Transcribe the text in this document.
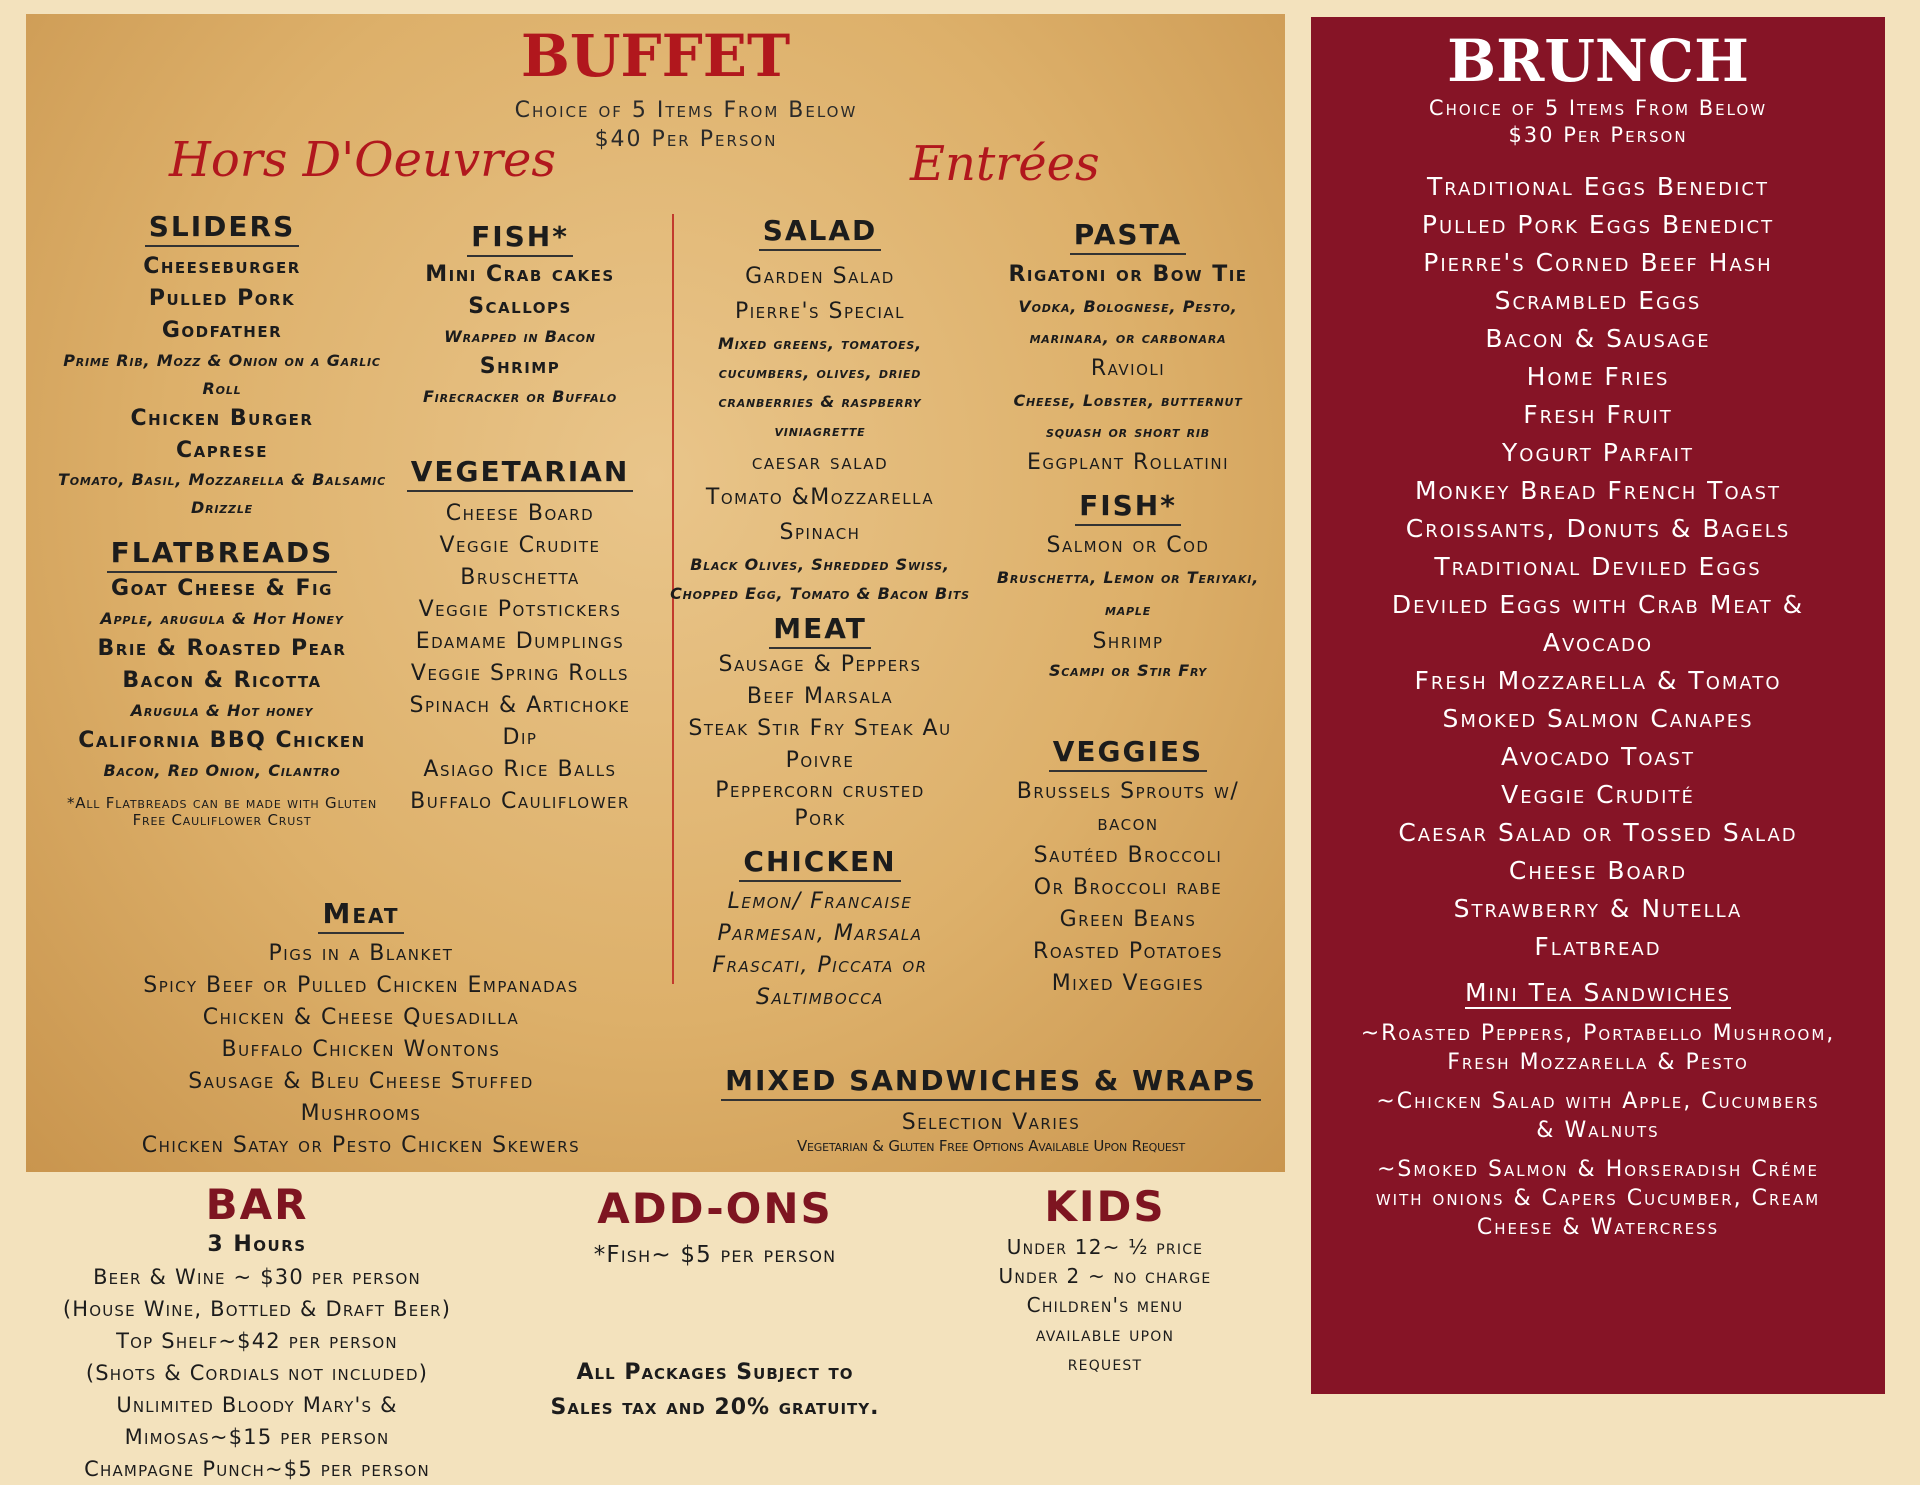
BUFFET
Choice of 5 Items From Below
$40 Per Person
Hors D'Oeuvres	Entrées
SLIDERS
Cheeseburger
Pulled Pork
Godfather
Prime Rib, Mozz & Onion on a Garlic Roll
Chicken Burger
Caprese
Tomato, Basil, Mozzarella & Balsamic Drizzle
FLATBREADS
Goat Cheese & Fig
Apple, arugula & Hot Honey
Brie & Roasted Pear
Bacon & Ricotta
Arugula & Hot honey
California BBQ Chicken
Bacon, Red Onion, Cilantro
*All Flatbreads can be made with Gluten Free Cauliflower Crust
FISH*
Mini Crab cakes
Scallops
Wrapped in Bacon
Shrimp
Firecracker or Buffalo
VEGETARIAN
Cheese Board
Veggie Crudite
Bruschetta
Veggie Potstickers
Edamame Dumplings
Veggie Spring Rolls
Spinach & Artichoke Dip
Asiago Rice Balls
Buffalo Cauliflower
Meat
Pigs in a Blanket
Spicy Beef or Pulled Chicken Empanadas
Chicken & Cheese Quesadilla
Buffalo Chicken Wontons
Sausage & Bleu Cheese Stuffed Mushrooms
Chicken Satay or Pesto Chicken Skewers
SALAD
Garden Salad
Pierre's Special
Mixed greens, tomatoes, cucumbers, olives, dried cranberries & raspberry viniagrette
caesar salad
Tomato &Mozzarella
Spinach
Black Olives, Shredded Swiss, Chopped Egg, Tomato & Bacon Bits
MEAT
Sausage & Peppers
Beef Marsala
Steak Stir Fry Steak Au Poivre
Peppercorn crusted Pork
CHICKEN
Lemon/ Francaise Parmesan, Marsala Frascati, Piccata or Saltimbocca
PASTA
Rigatoni or Bow Tie
Vodka, Bolognese, Pesto, marinara, or carbonara
Ravioli
Cheese, Lobster, butternut squash or short rib
Eggplant Rollatini
FISH*
Salmon or Cod
Bruschetta, Lemon or Teriyaki, maple
Shrimp
Scampi or Stir Fry
VEGGIES
Brussels Sprouts w/ bacon
Sautéed Broccoli Or Broccoli rabe
Green Beans
Roasted Potatoes
Mixed Veggies
MIXED SANDWICHES & WRAPS
Selection Varies
Vegetarian & Gluten Free Options Available Upon Request
BRUNCH
Choice of 5 Items From Below
$30 Per Person
Traditional Eggs Benedict
Pulled Pork Eggs Benedict
Pierre's Corned Beef Hash
Scrambled Eggs
Bacon & Sausage
Home Fries
Fresh Fruit
Yogurt Parfait
Monkey Bread French Toast
Croissants, Donuts & Bagels
Traditional Deviled Eggs
Deviled Eggs with Crab Meat & Avocado
Fresh Mozzarella & Tomato
Smoked Salmon Canapes
Avocado Toast
Veggie Crudité
Caesar Salad or Tossed Salad
Cheese Board
Strawberry & Nutella Flatbread
Mini Tea Sandwiches
~Roasted Peppers, Portabello Mushroom, Fresh Mozzarella & Pesto
~Chicken Salad with Apple, Cucumbers & Walnuts
~Smoked Salmon & Horseradish Créme with onions & Capers Cucumber, Cream Cheese & Watercress
BAR
3 Hours
Beer & Wine ~ $30 per person
(House Wine, Bottled & Draft Beer)
Top Shelf~$42 per person
(Shots & Cordials not included)
Unlimited Bloody Mary's &
Mimosas~$15 per person
Champagne Punch~$5 per person
ADD-ONS
*Fish~ $5 per person
All Packages Subject to
Sales tax and 20% gratuity.
KIDS
Under 12~ ½ price
Under 2 ~ no charge
Children's menu
available upon
request
